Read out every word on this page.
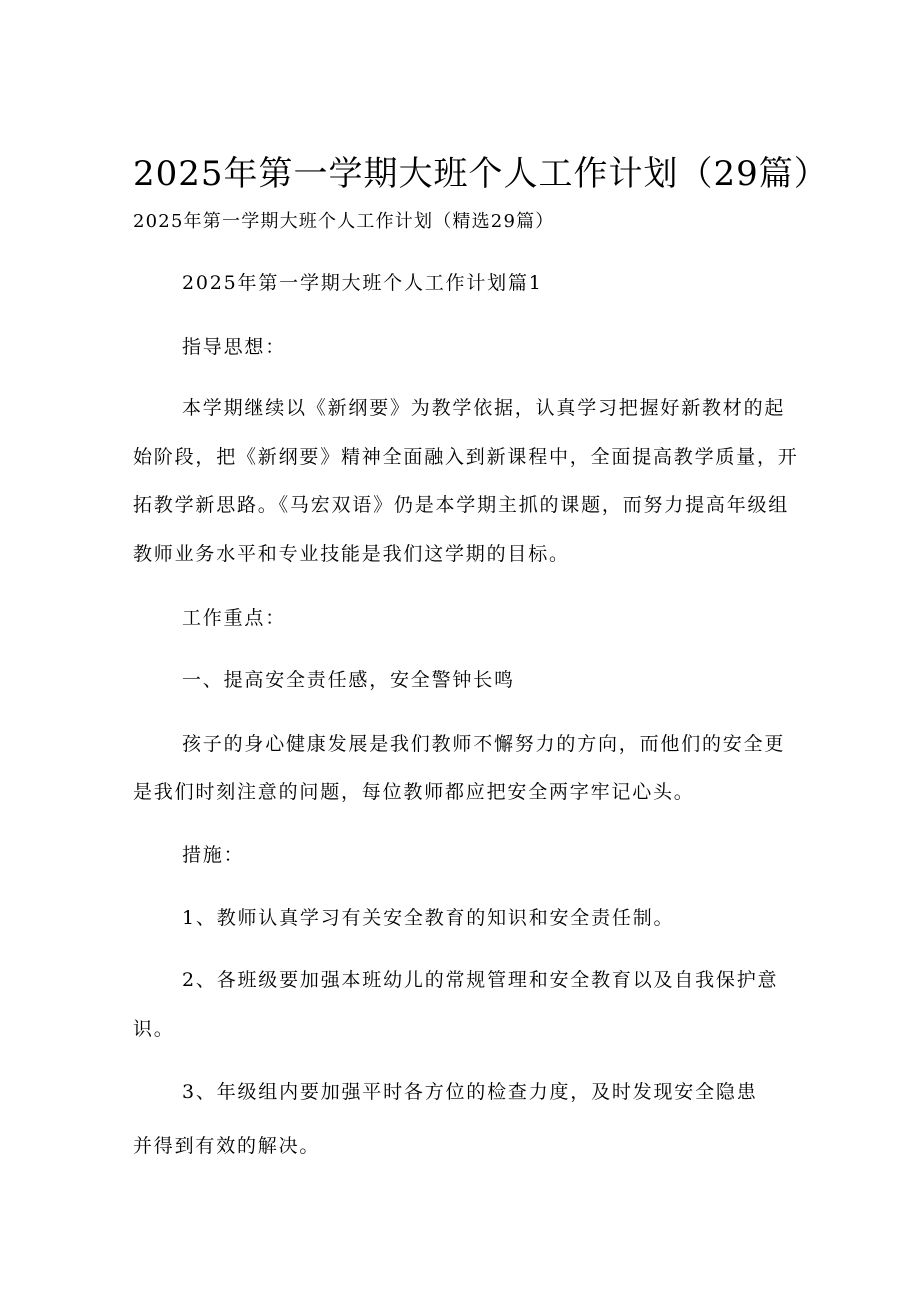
2025年第一学期大班个人工作计划（29篇）
2025年第一学期大班个人工作计划（精选29篇）
2025年第一学期大班个人工作计划篇1
指导思想：
本学期继续以《新纲要》为教学依据，认真学习把握好新教材的起
始阶段，把《新纲要》精神全面融入到新课程中，全面提高教学质量，开
拓教学新思路。《马宏双语》仍是本学期主抓的课题，而努力提高年级组
教师业务水平和专业技能是我们这学期的目标。
工作重点：
一、提高安全责任感，安全警钟长鸣
孩子的身心健康发展是我们教师不懈努力的方向，而他们的安全更
是我们时刻注意的问题，每位教师都应把安全两字牢记心头。
措施：
1、教师认真学习有关安全教育的知识和安全责任制。
2、各班级要加强本班幼儿的常规管理和安全教育以及自我保护意
识。
3、年级组内要加强平时各方位的检查力度，及时发现安全隐患
并得到有效的解决。
